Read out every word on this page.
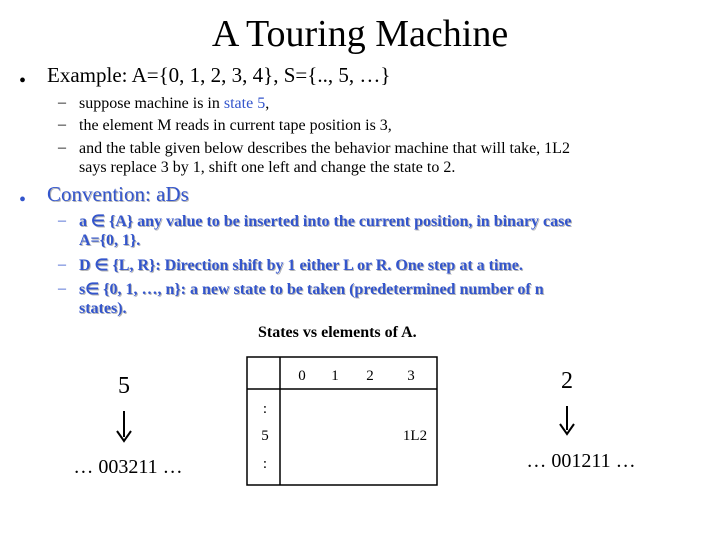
A Touring Machine
• Example: A={0, 1, 2, 3, 4}, S={.., 5, …}
– suppose machine is in state 5,
– the element M reads in current tape position is 3,
– and the table given below describes the behavior machine that will take, 1L2
says replace 3 by 1, shift one left and change the state to 2.
• Convention: aDs
– a ∈ {A} any value to be inserted into the current position, in binary case
A={0, 1}.
– D ∈ {L, R}: Direction shift by 1 either L or R. One step at a time.
– s∈ {0, 1, …, n}: a new state to be taken (predetermined number of n
states).
States vs elements of A.
5
… 003211 …
0 1 2 3
:
5
:
1L2
2
… 001211 …
